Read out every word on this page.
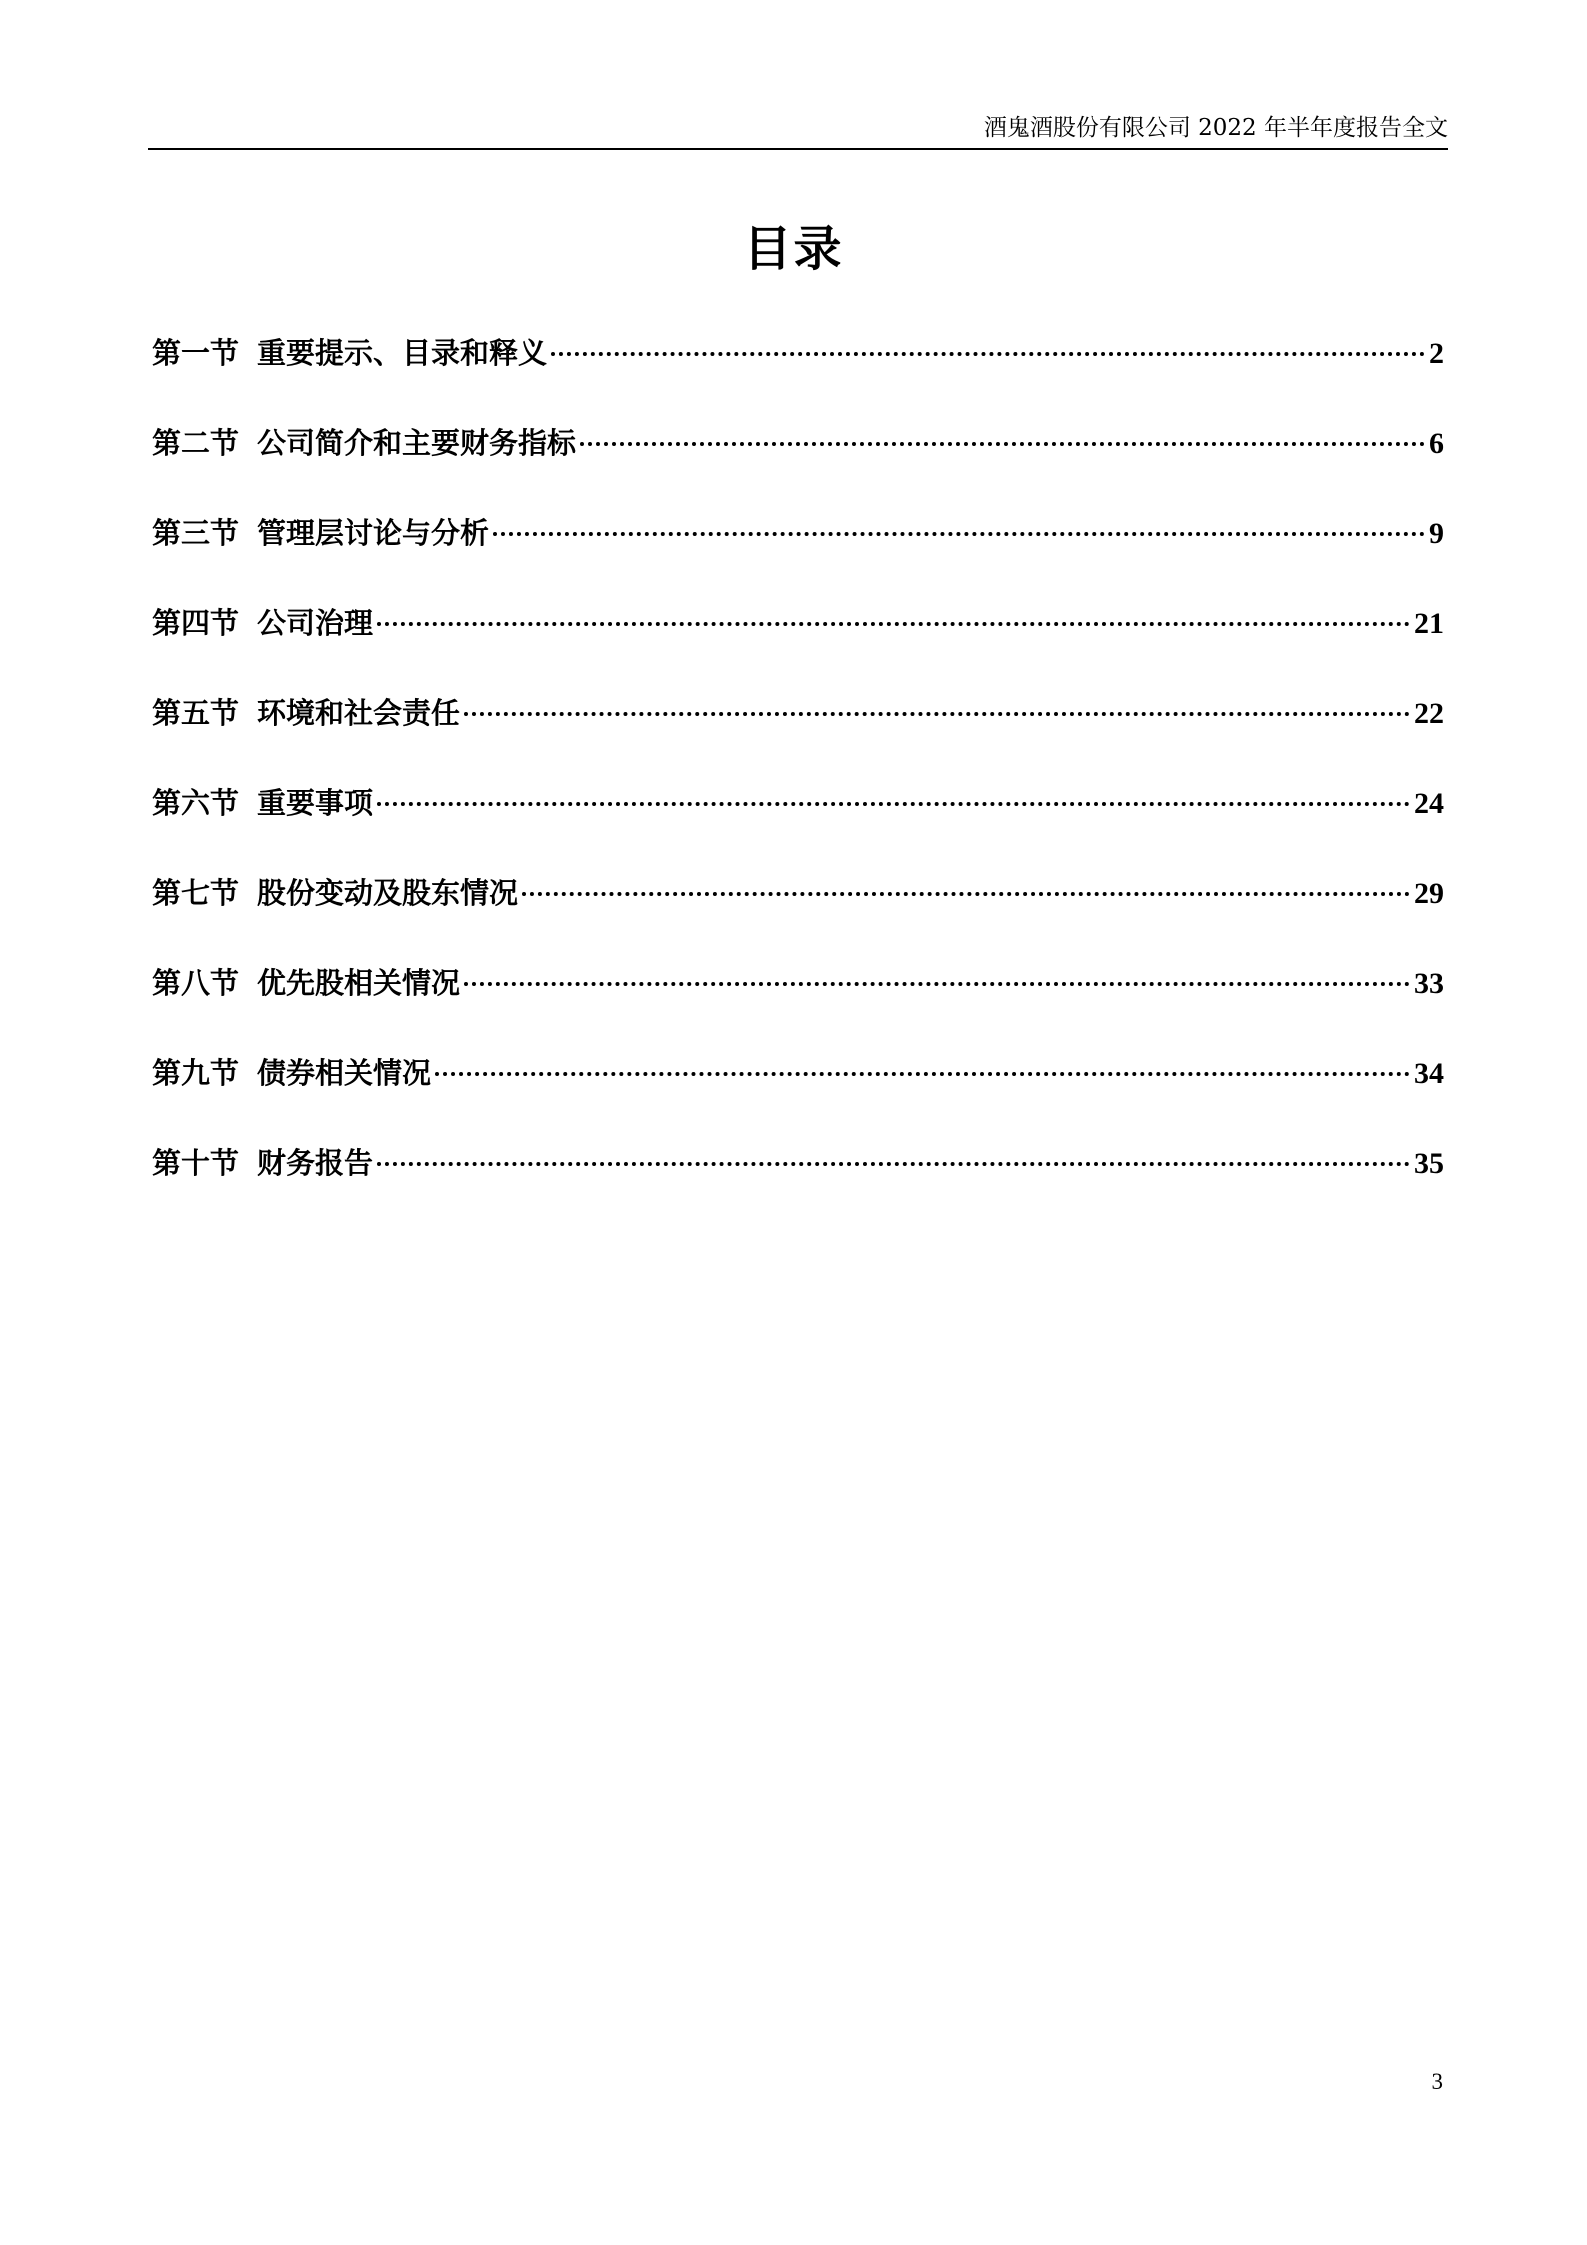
酒鬼酒股份有限公司 2022 年半年度报告全文
目录
第一节 重要提示、目录和释义	2
第二节 公司简介和主要财务指标	6
第三节 管理层讨论与分析	9
第四节 公司治理	21
第五节 环境和社会责任	22
第六节 重要事项	24
第七节 股份变动及股东情况	29
第八节 优先股相关情况	33
第九节 债券相关情况	34
第十节 财务报告	35
3
